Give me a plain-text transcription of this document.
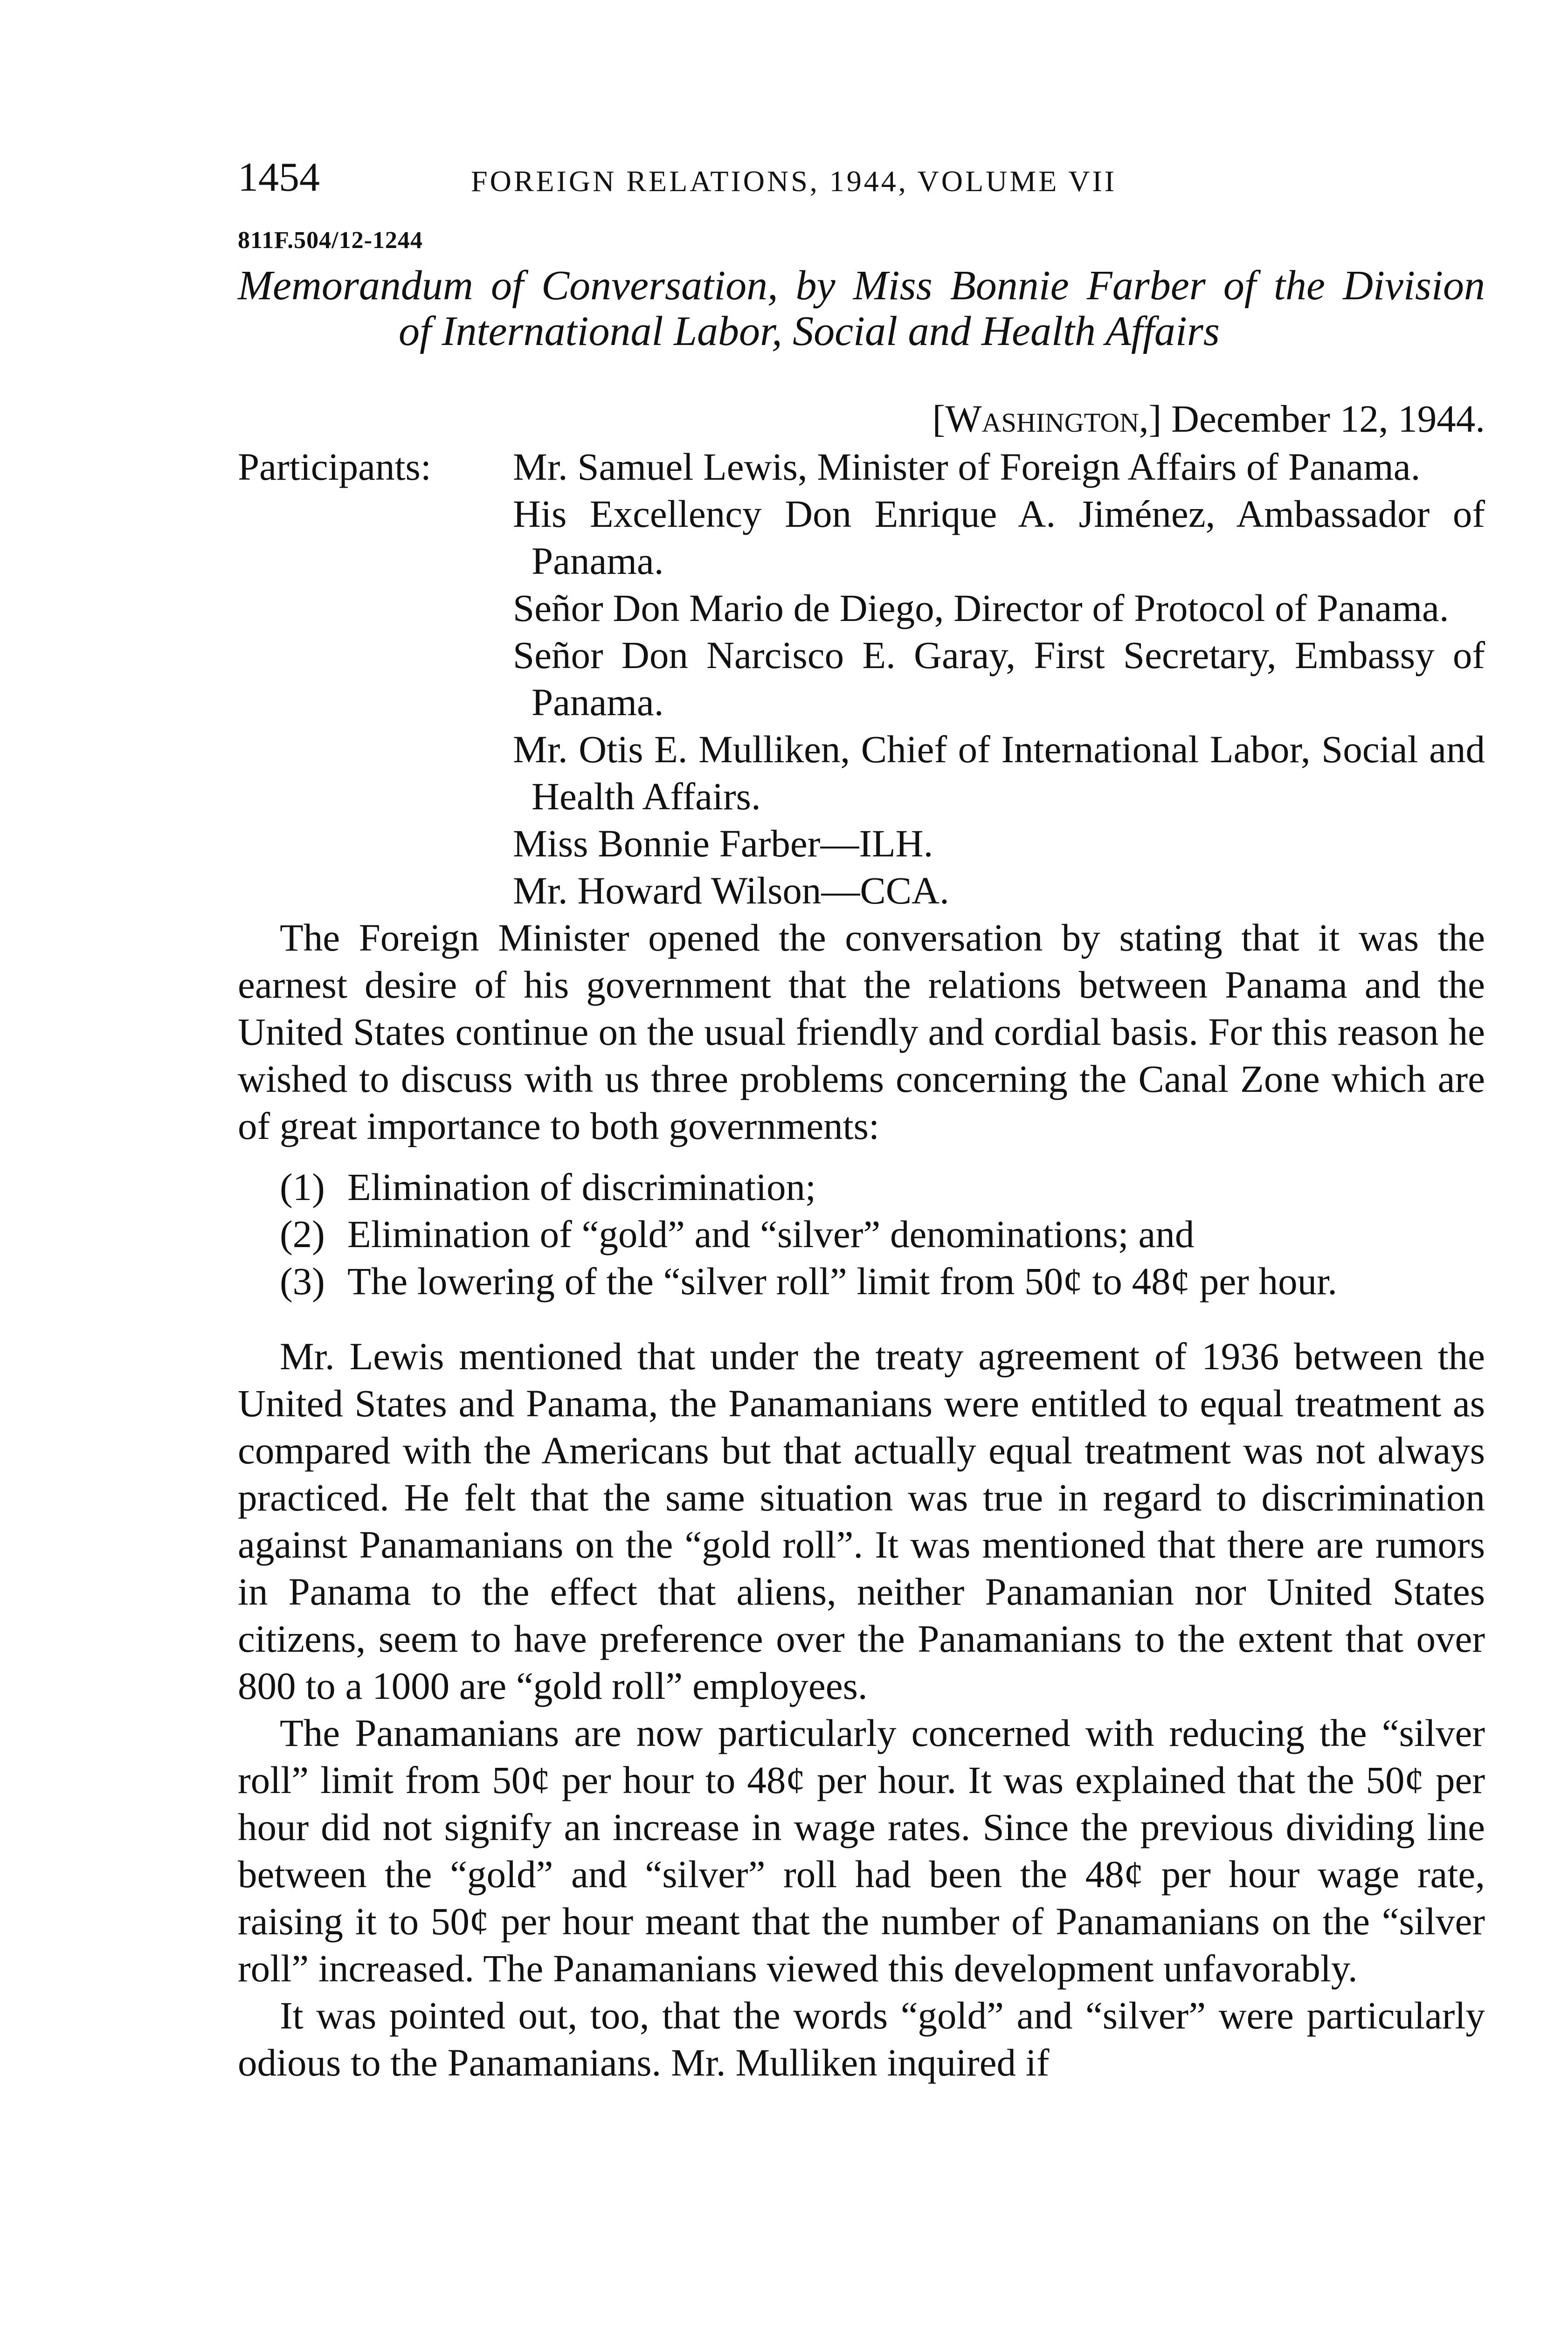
1454	FOREIGN RELATIONS, 1944, VOLUME VII
811F.504/12-1244
Memorandum of Conversation, by Miss Bonnie Farber of the Division
of International Labor, Social and Health Affairs
[Washington,] December 12, 1944.
Participants:	Mr. Samuel Lewis, Minister of Foreign Affairs of Panama.
His Excellency Don Enrique A. Jiménez, Ambassador of Panama.
Señor Don Mario de Diego, Director of Protocol of Panama.
Señor Don Narcisco E. Garay, First Secretary, Embassy of Panama.
Mr. Otis E. Mulliken, Chief of International Labor, Social and Health Affairs.
Miss Bonnie Farber—ILH.
Mr. Howard Wilson—CCA.

The Foreign Minister opened the conversation by stating that it was the earnest desire of his government that the relations between Panama and the United States continue on the usual friendly and cordial basis. For this reason he wished to discuss with us three problems concerning the Canal Zone which are of great importance to both governments:

(1) Elimination of discrimination;
(2) Elimination of “gold” and “silver” denominations; and
(3) The lowering of the “silver roll” limit from 50¢ to 48¢ per hour.

Mr. Lewis mentioned that under the treaty agreement of 1936 between the United States and Panama, the Panamanians were entitled to equal treatment as compared with the Americans but that actually equal treatment was not always practiced. He felt that the same situation was true in regard to discrimination against Panamanians on the “gold roll”. It was mentioned that there are rumors in Panama to the effect that aliens, neither Panamanian nor United States citizens, seem to have preference over the Panamanians to the extent that over 800 to a 1000 are “gold roll” employees.

The Panamanians are now particularly concerned with reducing the “silver roll” limit from 50¢ per hour to 48¢ per hour. It was explained that the 50¢ per hour did not signify an increase in wage rates. Since the previous dividing line between the “gold” and “silver” roll had been the 48¢ per hour wage rate, raising it to 50¢ per hour meant that the number of Panamanians on the “silver roll” increased. The Panamanians viewed this development unfavorably.

It was pointed out, too, that the words “gold” and “silver” were particularly odious to the Panamanians. Mr. Mulliken inquired if
